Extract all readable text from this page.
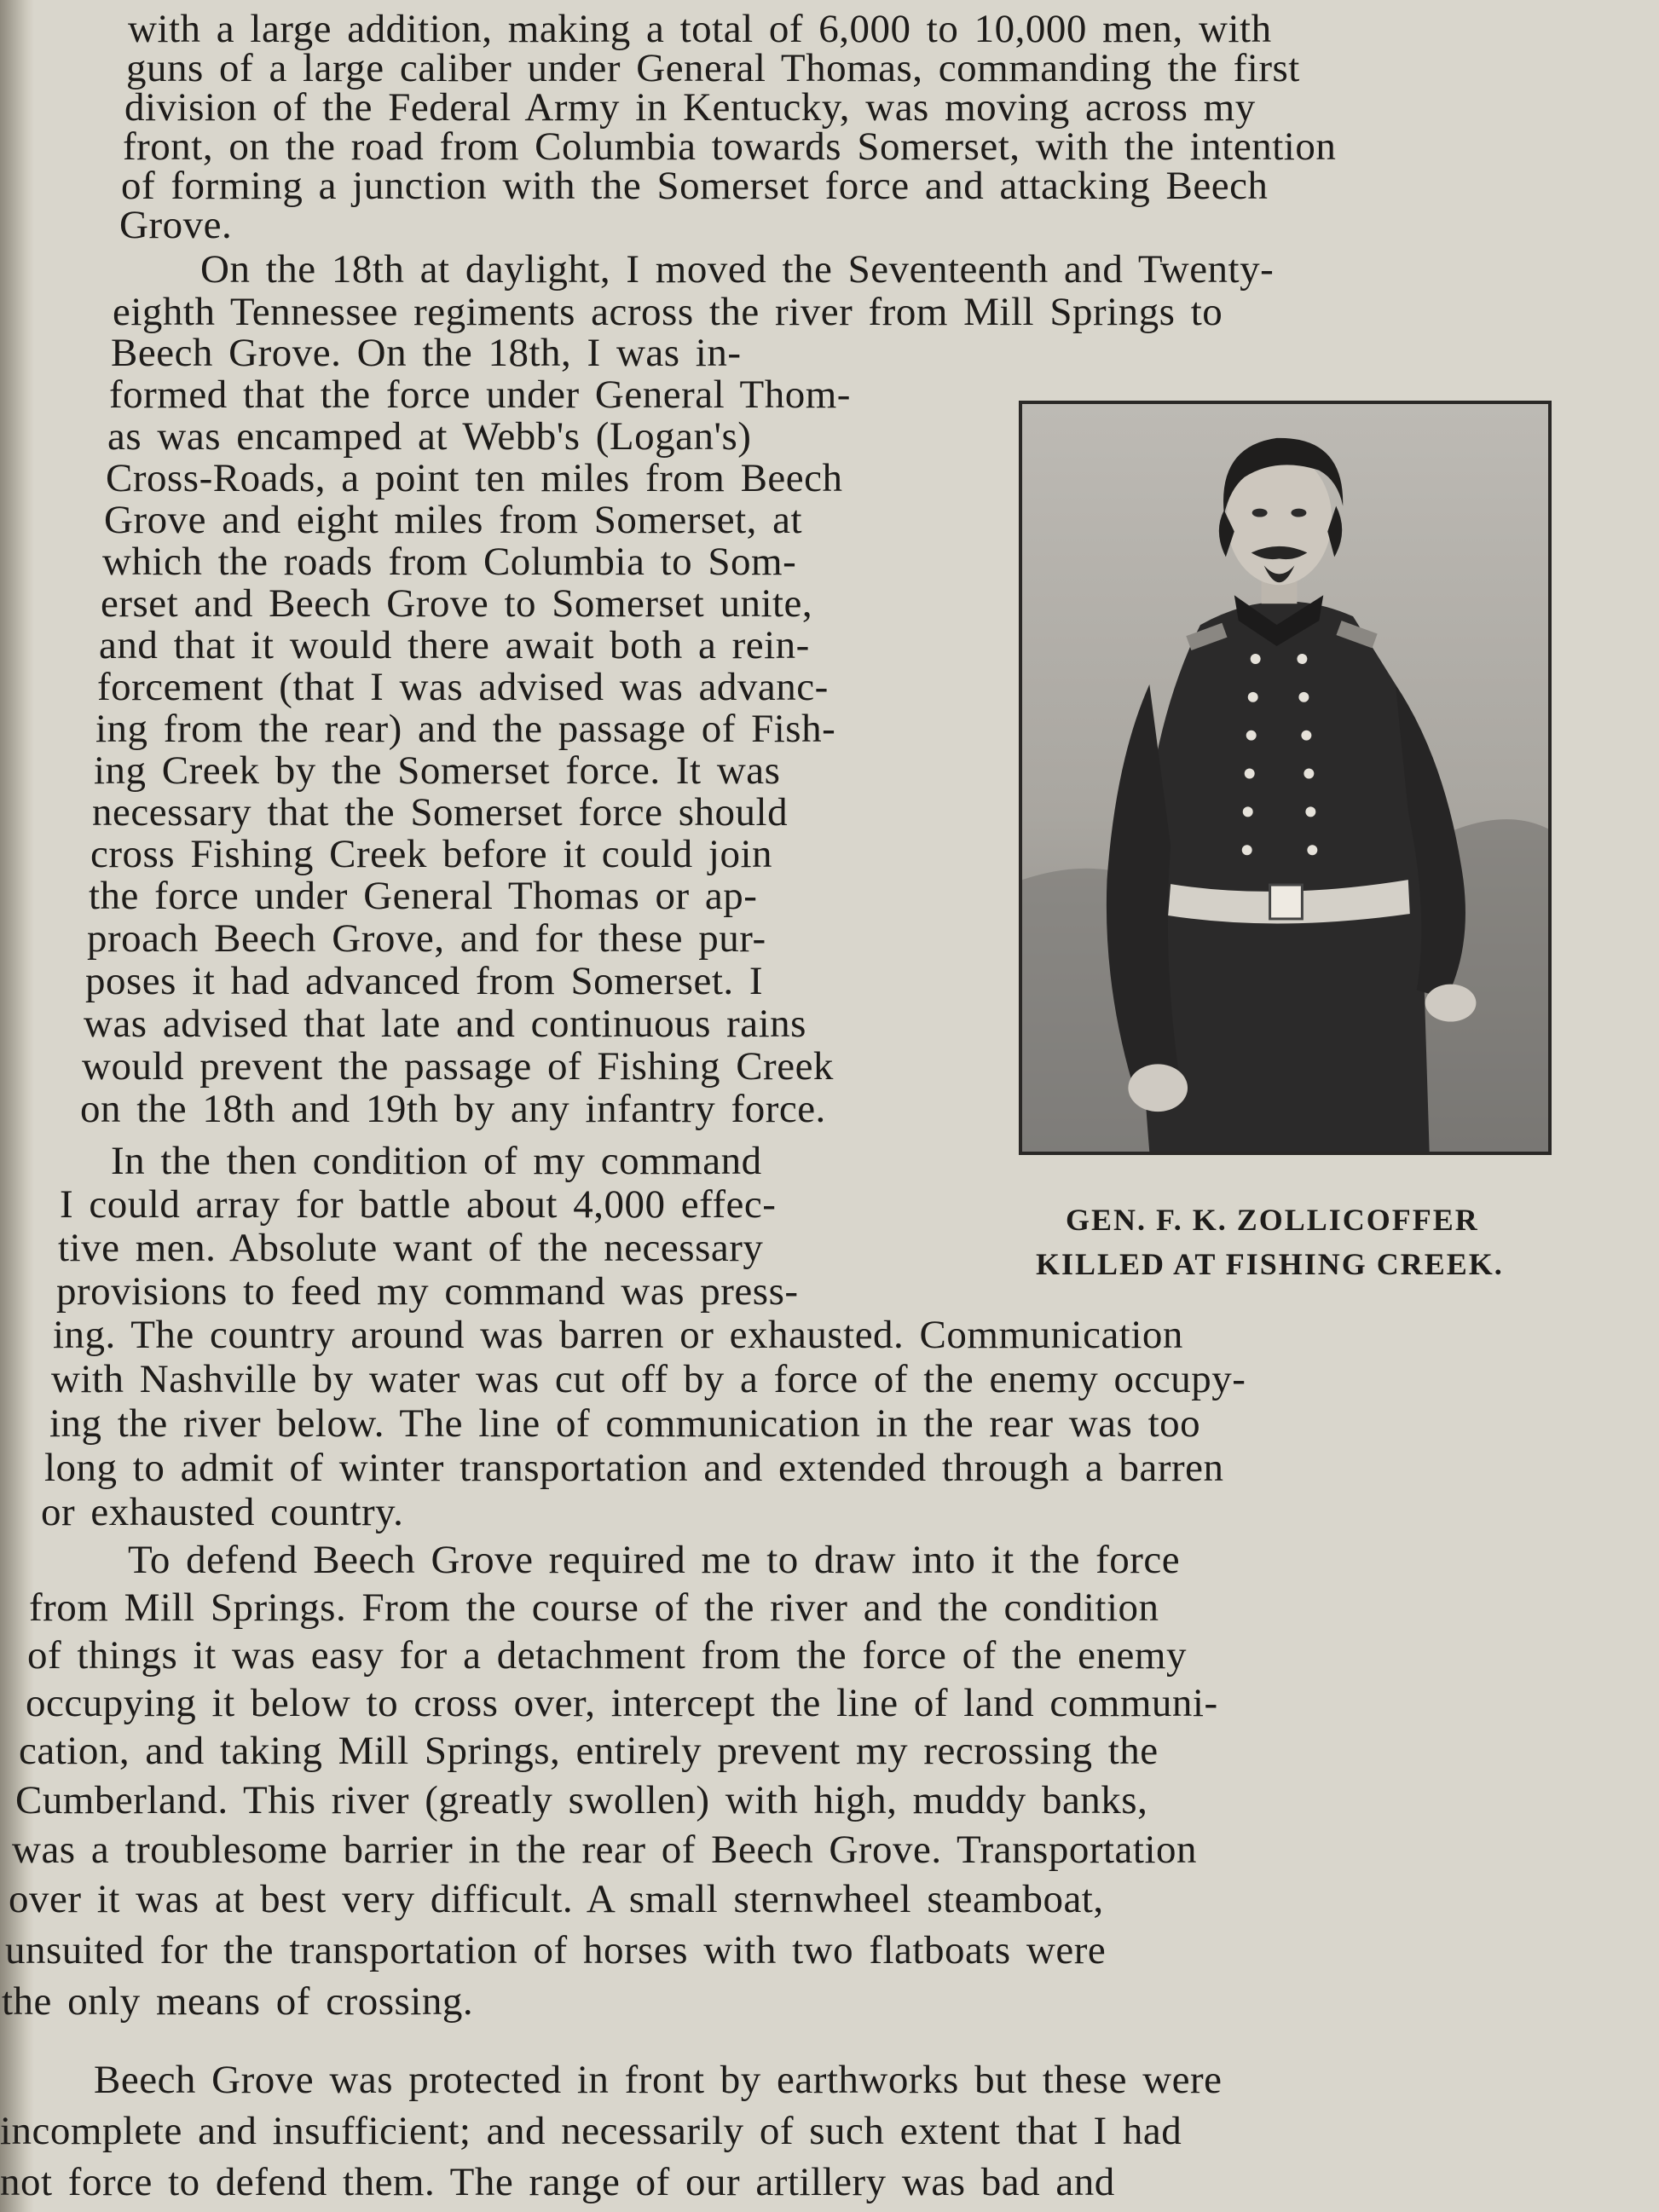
with a large addition, making a total of 6,000 to 10,000 men, with
guns of a large caliber under General Thomas, commanding the first
division of the Federal Army in Kentucky, was moving across my
front, on the road from Columbia towards Somerset, with the intention
of forming a junction with the Somerset force and attacking Beech
Grove.
On the 18th at daylight, I moved the Seventeenth and Twenty-
eighth Tennessee regiments across the river from Mill Springs to
Beech Grove. On the 18th, I was in-
formed that the force under General Thom-
as was encamped at Webb's (Logan's)
Cross-Roads, a point ten miles from Beech
Grove and eight miles from Somerset, at
which the roads from Columbia to Som-
erset and Beech Grove to Somerset unite,
and that it would there await both a rein-
forcement (that I was advised was advanc-
ing from the rear) and the passage of Fish-
ing Creek by the Somerset force. It was
necessary that the Somerset force should
cross Fishing Creek before it could join
the force under General Thomas or ap-
proach Beech Grove, and for these pur-
poses it had advanced from Somerset. I
was advised that late and continuous rains
would prevent the passage of Fishing Creek
on the 18th and 19th by any infantry force.
In the then condition of my command
I could array for battle about 4,000 effec-
tive men. Absolute want of the necessary
provisions to feed my command was press-
GEN. F. K. ZOLLICOFFER
KILLED AT FISHING CREEK.
ing. The country around was barren or exhausted. Communication
with Nashville by water was cut off by a force of the enemy occupy-
ing the river below. The line of communication in the rear was too
long to admit of winter transportation and extended through a barren
or exhausted country.
To defend Beech Grove required me to draw into it the force
from Mill Springs. From the course of the river and the condition
of things it was easy for a detachment from the force of the enemy
occupying it below to cross over, intercept the line of land communi-
cation, and taking Mill Springs, entirely prevent my recrossing the
Cumberland. This river (greatly swollen) with high, muddy banks,
was a troublesome barrier in the rear of Beech Grove. Transportation
over it was at best very difficult. A small sternwheel steamboat,
unsuited for the transportation of horses with two flatboats were
the only means of crossing.
Beech Grove was protected in front by earthworks but these were
incomplete and insufficient; and necessarily of such extent that I had
not force to defend them. The range of our artillery was bad and
